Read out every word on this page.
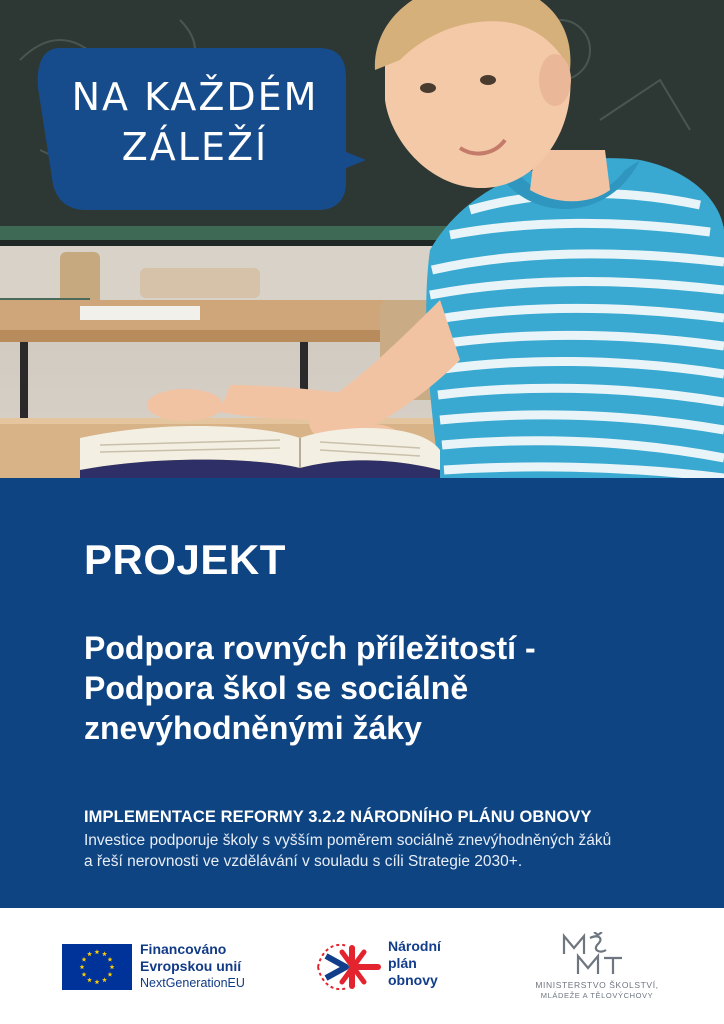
NA KAŽDÉM
ZÁLEŽÍ
PROJEKT
Podpora rovných příležitostí -
Podpora škol se sociálně
znevýhodněnými žáky

IMPLEMENTACE REFORMY 3.2.2 NÁRODNÍHO PLÁNU OBNOVY

Investice podporuje školy s vyšším poměrem sociálně znevýhodněných žáků
a řeší nerovnosti ve vzdělávání v souladu s cíli Strategie 2030+.

Financováno
Evropskou unií
NextGenerationEU
Národní
plán
obnovy	MINISTERSTVO ŠKOLSTVÍ,
MLÁDEŽE A TĚLOVÝCHOVY
